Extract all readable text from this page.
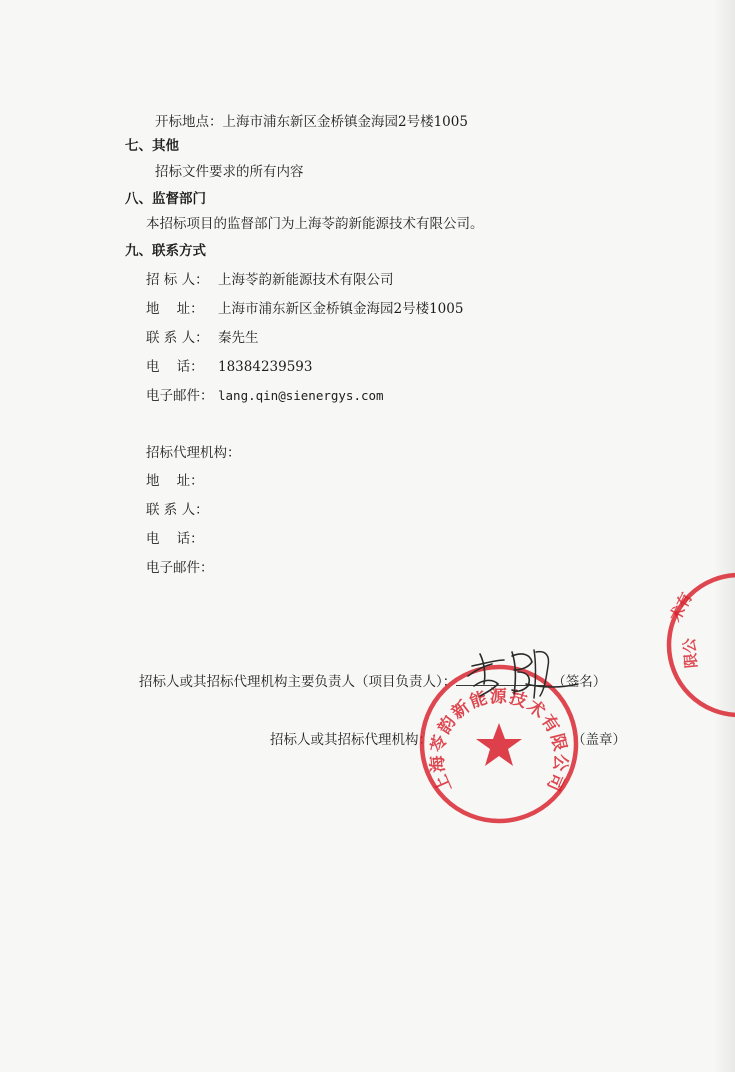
开标地点：上海市浦东新区金桥镇金海园2号楼1005
七、其他
招标文件要求的所有内容
八、监督部门
本招标项目的监督部门为上海苓韵新能源技术有限公司。
九、联系方式
招 标 人： 上海苓韵新能源技术有限公司
地    址： 上海市浦东新区金桥镇金海园2号楼1005
联 系 人： 秦先生
电    话： 18384239593
电子邮件： lang.qin@sienergys.com
招标代理机构：
地    址：
联 系 人：
电    话：
电子邮件：
招标人或其招标代理机构主要负责人（项目负责人）：	（签名）
招标人或其招标代理机构：	（盖章）
上海苓韵新能源技术有限公司
术有
限公
